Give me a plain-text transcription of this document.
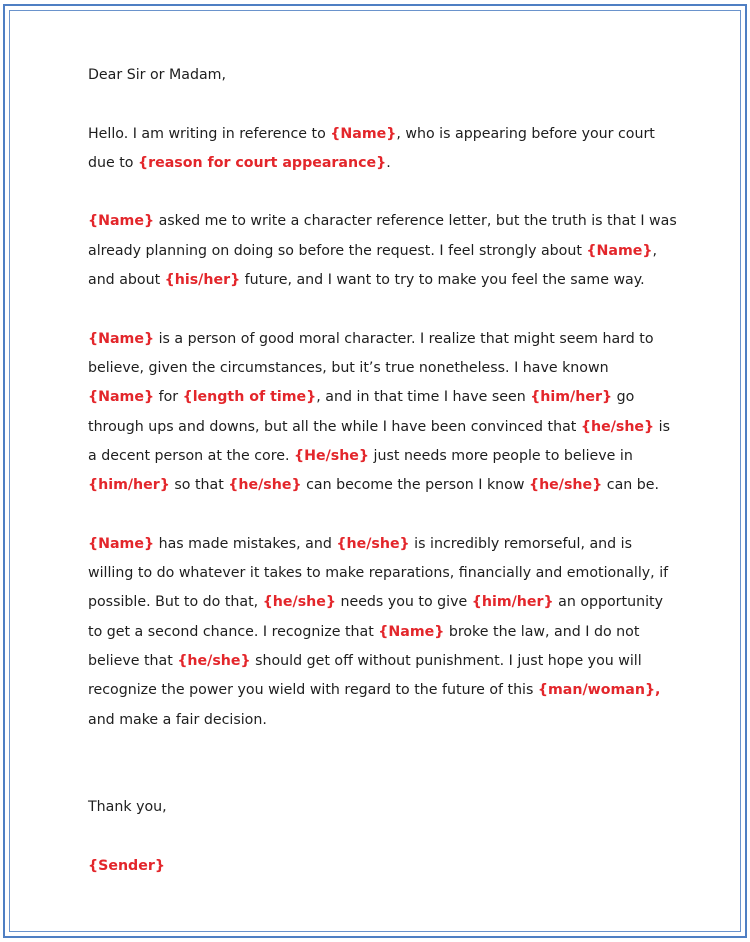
Dear Sir or Madam,

Hello. I am writing in reference to {Name}, who is appearing before your court due to {reason for court appearance}.

{Name} asked me to write a character reference letter, but the truth is that I was already planning on doing so before the request. I feel strongly about {Name}, and about {his/her} future, and I want to try to make you feel the same way.

{Name} is a person of good moral character. I realize that might seem hard to believe, given the circumstances, but it’s true nonetheless. I have known {Name} for {length of time}, and in that time I have seen {him/her} go through ups and downs, but all the while I have been convinced that {he/she} is a decent person at the core. {He/she} just needs more people to believe in {him/her} so that {he/she} can become the person I know {he/she} can be.

{Name} has made mistakes, and {he/she} is incredibly remorseful, and is willing to do whatever it takes to make reparations, financially and emotionally, if possible. But to do that, {he/she} needs you to give {him/her} an opportunity to get a second chance. I recognize that {Name} broke the law, and I do not believe that {he/she} should get off without punishment. I just hope you will recognize the power you wield with regard to the future of this {man/woman}, and make a fair decision.

Thank you,

{Sender}
